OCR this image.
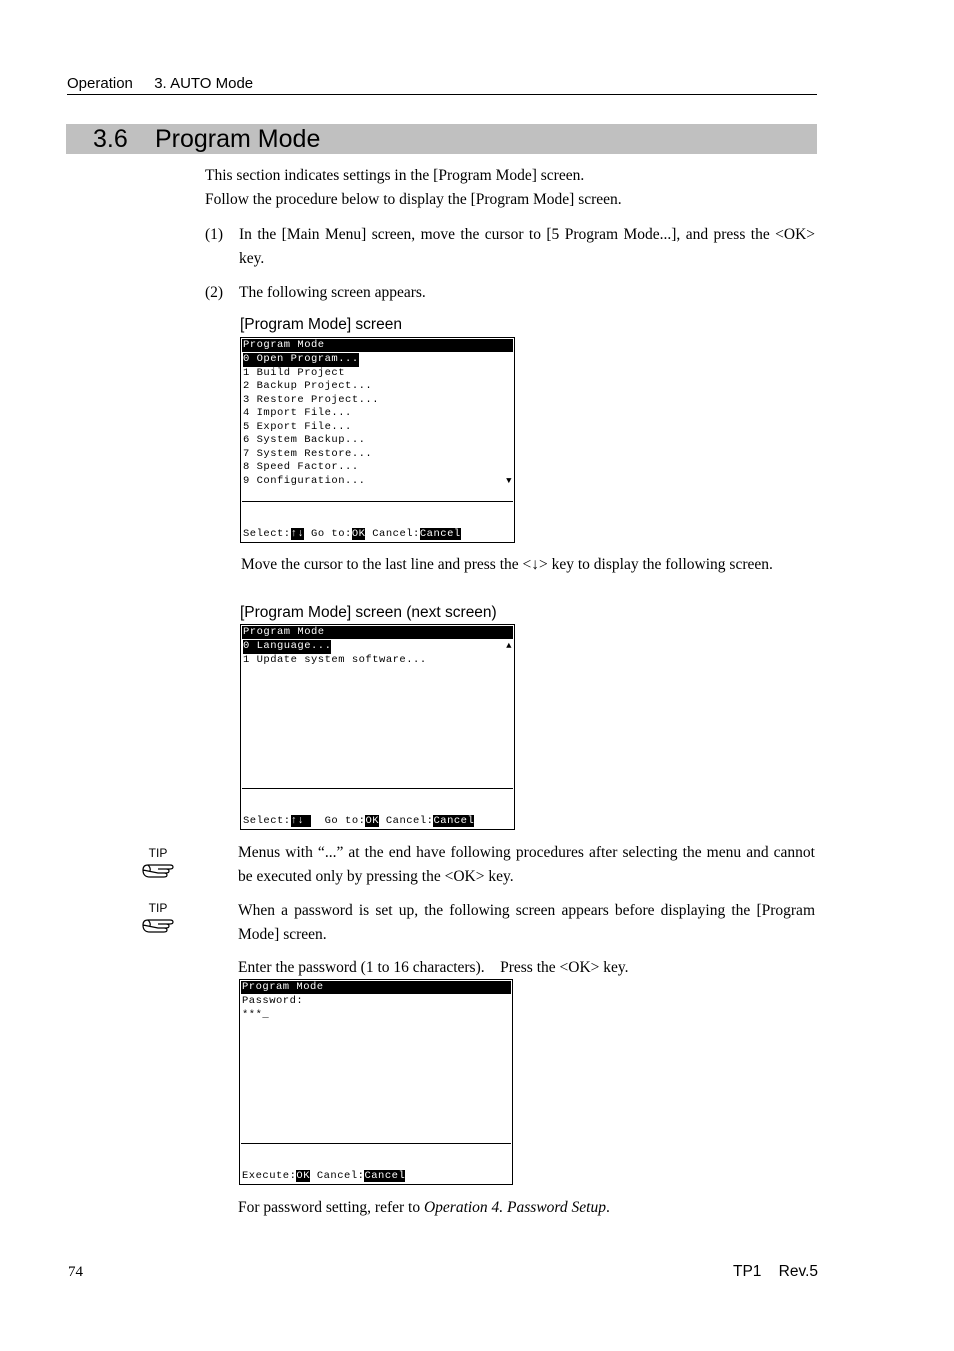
Operation 3. AUTO Mode
3.6 Program Mode
This section indicates settings in the [Program Mode] screen.
Follow the procedure below to display the [Program Mode] screen.
(1) In the [Main Menu] screen, move the cursor to [5 Program Mode...], and press the <OK> key.
(2) The following screen appears.
[Program Mode] screen
Program Mode
0 Open Program...
1 Build Project
2 Backup Project...
3 Restore Project...
4 Import File...
5 Export File...
6 System Backup...
7 System Restore...
8 Speed Factor...
9 Configuration...	▼
Select:↑↓ Go to:OK Cancel:Cancel
Move the cursor to the last line and press the <↓> key to display the following screen.
[Program Mode] screen (next screen)
Program Mode
0 Language...
1 Update system software...
▲
Select:↑↓   Go to:OK Cancel:Cancel
TIP	Menus with “...” at the end have following procedures after selecting the menu and cannot be executed only by pressing the <OK> key.
TIP	When a password is set up, the following screen appears before displaying the [Program Mode] screen.
Enter the password (1 to 16 characters).    Press the <OK> key.
Program Mode
Password:
***_
Execute:OK Cancel:Cancel
For password setting, refer to Operation 4. Password Setup.
74	TP1    Rev.5
